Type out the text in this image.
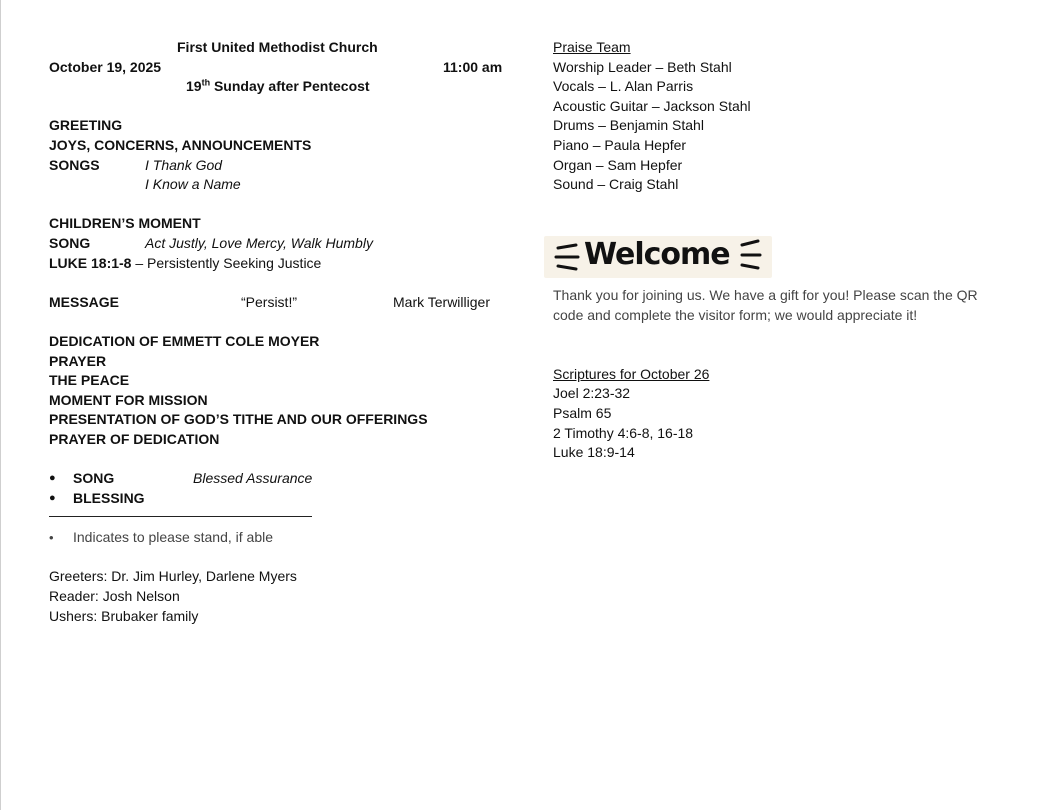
First United Methodist Church
October 19, 2025	11:00 am
19th Sunday after Pentecost
GREETING
JOYS, CONCERNS, ANNOUNCEMENTS
SONGS	I Thank God
I Know a Name
CHILDREN’S MOMENT
SONG	Act Justly, Love Mercy, Walk Humbly
LUKE 18:1-8 – Persistently Seeking Justice
MESSAGE	“Persist!”	Mark Terwilliger
DEDICATION OF EMMETT COLE MOYER
PRAYER
THE PEACE
MOMENT FOR MISSION
PRESENTATION OF GOD’S TITHE AND OUR OFFERINGS
PRAYER OF DEDICATION
● SONG	Blessed Assurance
● BLESSING
• Indicates to please stand, if able
Greeters: Dr. Jim Hurley, Darlene Myers
Reader: Josh Nelson
Ushers: Brubaker family
Praise Team
Worship Leader – Beth Stahl
Vocals – L. Alan Parris
Acoustic Guitar – Jackson Stahl
Drums – Benjamin Stahl
Piano – Paula Hepfer
Organ – Sam Hepfer
Sound – Craig Stahl
Welcome
Thank you for joining us. We have a gift for you! Please scan the QR code and complete the visitor form; we would appreciate it!
Scriptures for October 26
Joel 2:23-32
Psalm 65
2 Timothy 4:6-8, 16-18
Luke 18:9-14
